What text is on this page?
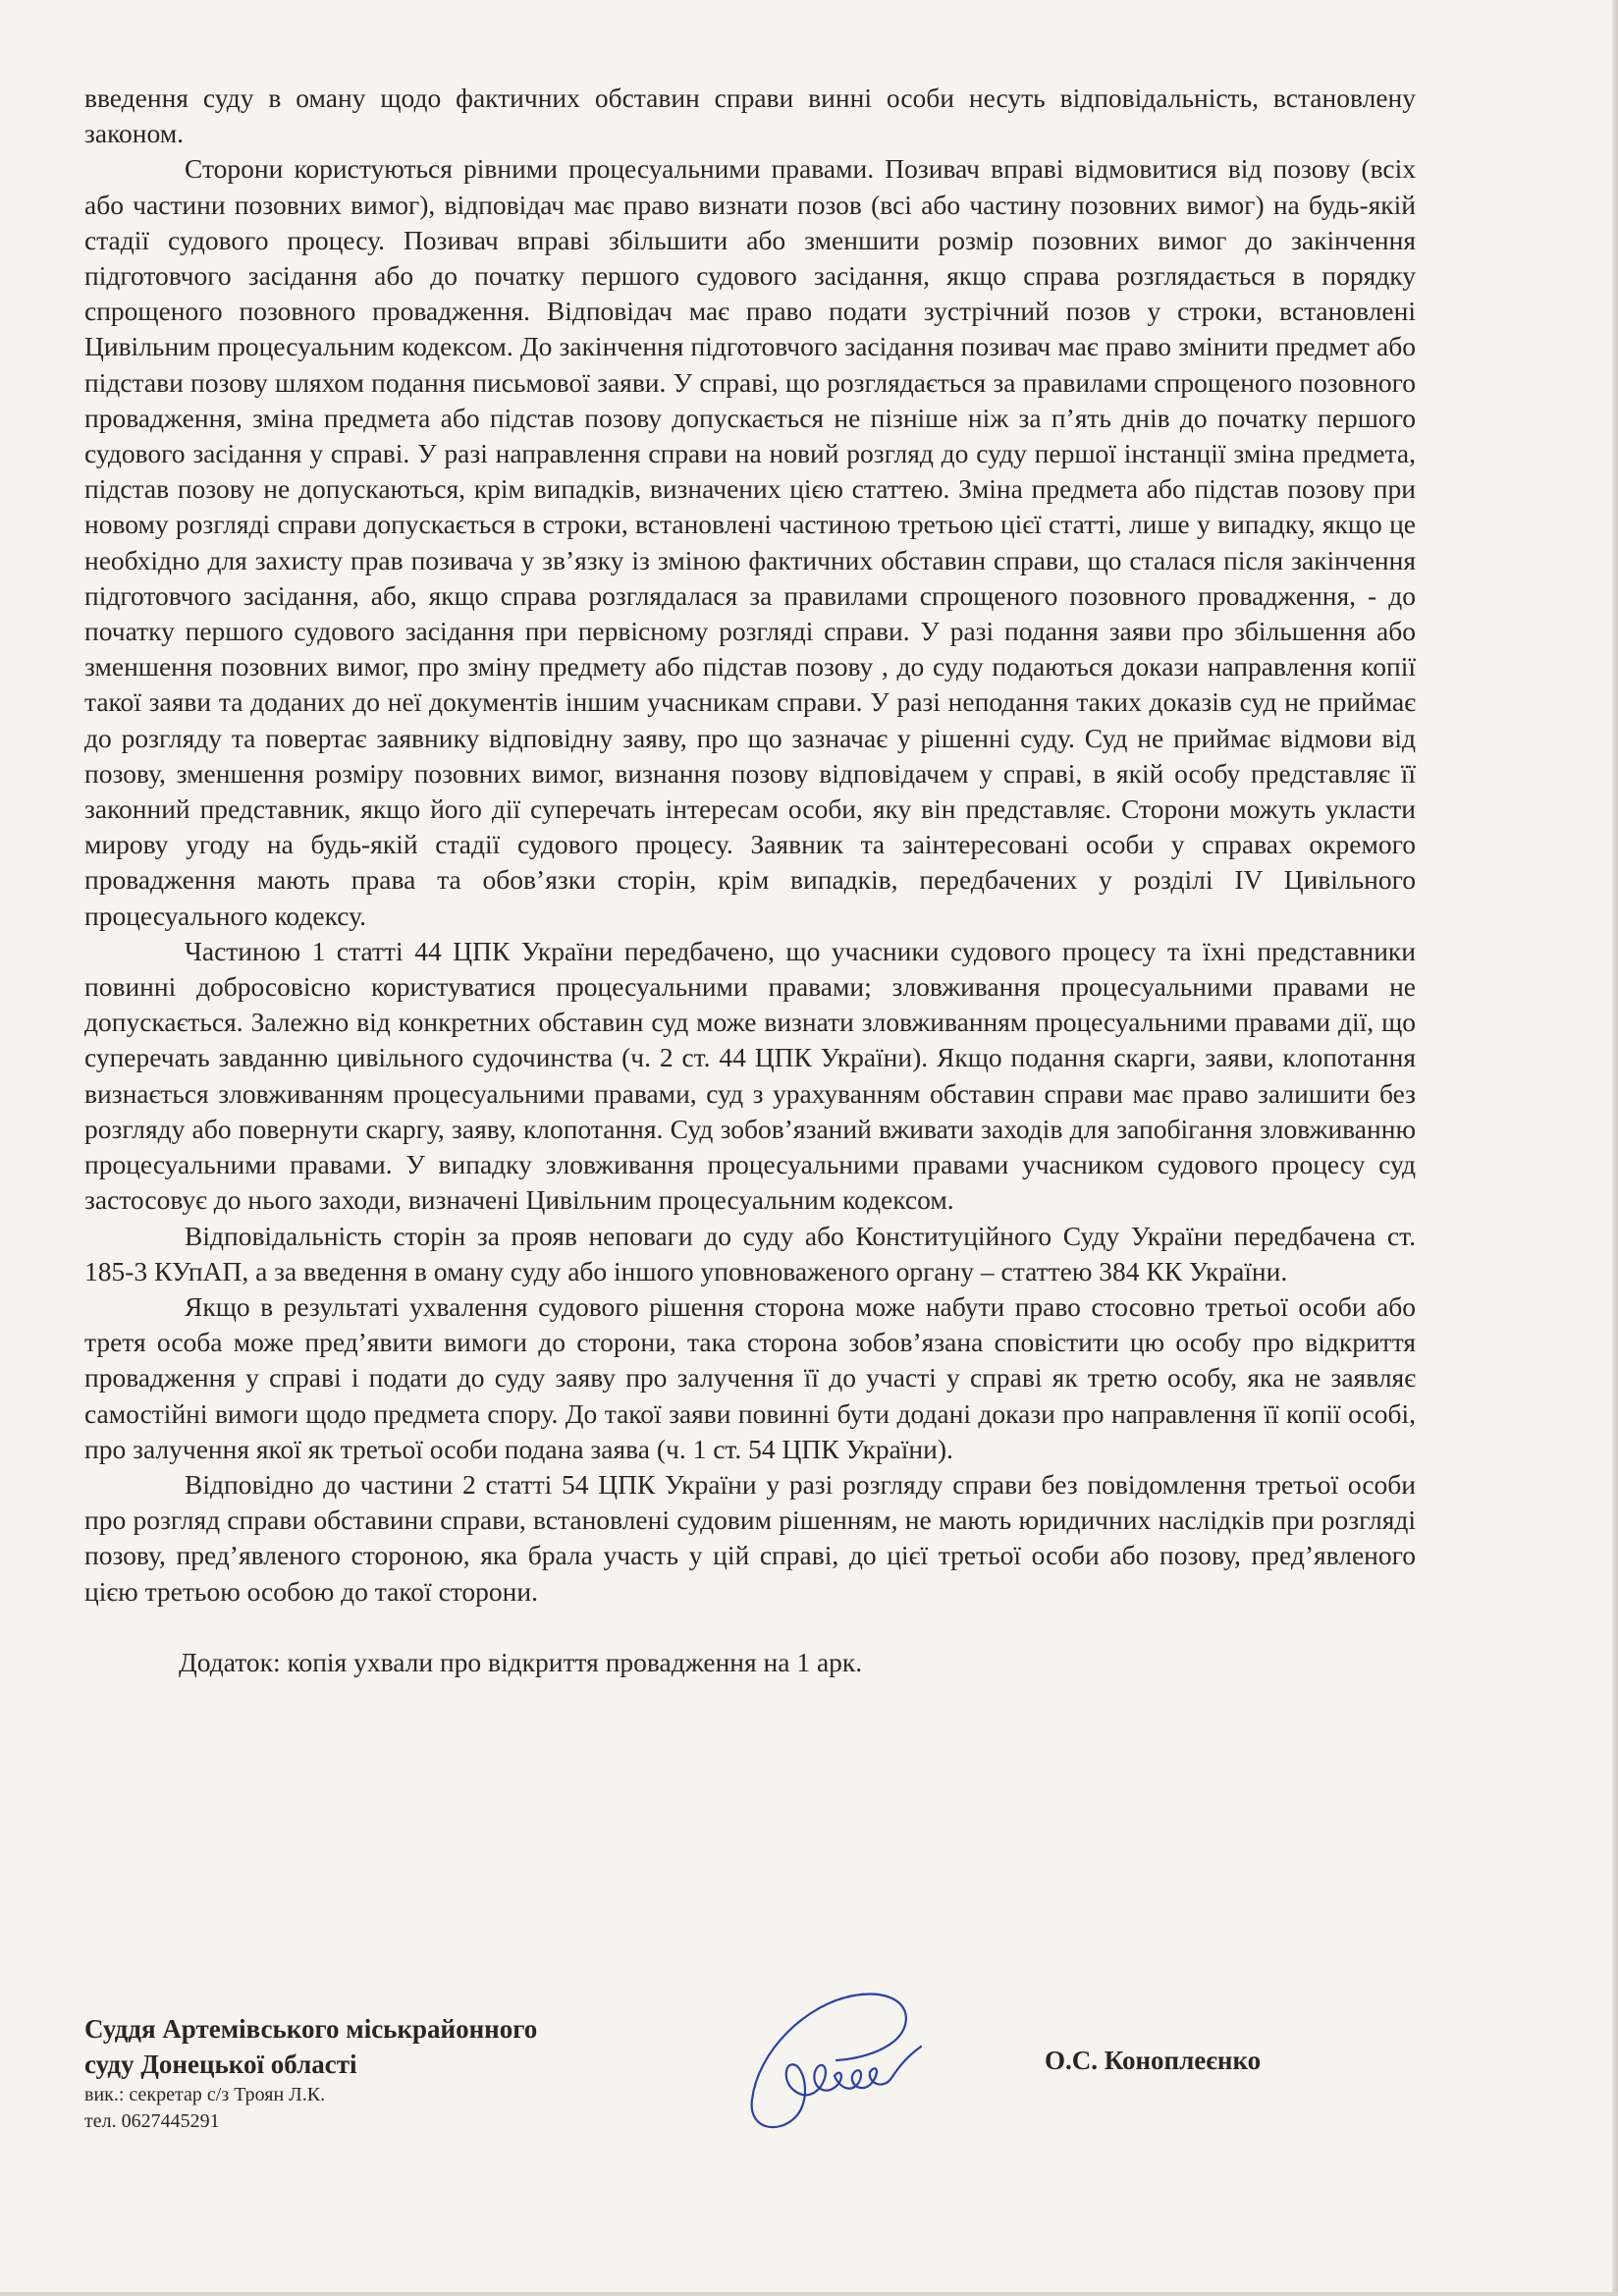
введення суду в оману щодо фактичних обставин справи винні особи несуть відповідальність, встановлену законом.

Сторони користуються рівними процесуальними правами. Позивач вправі відмовитися від позову (всіх або частини позовних вимог), відповідач має право визнати позов (всі або частину позовних вимог) на будь-якій стадії судового процесу. Позивач вправі збільшити або зменшити розмір позовних вимог до закінчення підготовчого засідання або до початку першого судового засідання, якщо справа розглядається в порядку спрощеного позовного провадження. Відповідач має право подати зустрічний позов у строки, встановлені Цивільним процесуальним кодексом. До закінчення підготовчого засідання позивач має право змінити предмет або підстави позову шляхом подання письмової заяви. У справі, що розглядається за правилами спрощеного позовного провадження, зміна предмета або підстав позову допускається не пізніше ніж за п’ять днів до початку першого судового засідання у справі. У разі направлення справи на новий розгляд до суду першої інстанції зміна предмета, підстав позову не допускаються, крім випадків, визначених цією статтею. Зміна предмета або підстав позову при новому розгляді справи допускається в строки, встановлені частиною третьою цієї статті, лише у випадку, якщо це необхідно для захисту прав позивача у зв’язку із зміною фактичних обставин справи, що сталася після закінчення підготовчого засідання, або, якщо справа розглядалася за правилами спрощеного позовного провадження, - до початку першого судового засідання при первісному розгляді справи. У разі подання заяви про збільшення або зменшення позовних вимог, про зміну предмету або підстав позову , до суду подаються докази направлення копії такої заяви та доданих до неї документів іншим учасникам справи. У разі неподання таких доказів суд не приймає до розгляду та повертає заявнику відповідну заяву, про що зазначає у рішенні суду. Суд не приймає відмови від позову, зменшення розміру позовних вимог, визнання позову відповідачем у справі, в якій особу представляє її законний представник, якщо його дії суперечать інтересам особи, яку він представляє. Сторони можуть укласти мирову угоду на будь-якій стадії судового процесу. Заявник та заінтересовані особи у справах окремого провадження мають права та обов’язки сторін, крім випадків, передбачених у розділі IV Цивільного процесуального кодексу.

Частиною 1 статті 44 ЦПК України передбачено, що учасники судового процесу та їхні представники повинні добросовісно користуватися процесуальними правами; зловживання процесуальними правами не допускається. Залежно від конкретних обставин суд може визнати зловживанням процесуальними правами дії, що суперечать завданню цивільного судочинства (ч. 2 ст. 44 ЦПК України). Якщо подання скарги, заяви, клопотання визнається зловживанням процесуальними правами, суд з урахуванням обставин справи має право залишити без розгляду або повернути скаргу, заяву, клопотання. Суд зобов’язаний вживати заходів для запобігання зловживанню процесуальними правами. У випадку зловживання процесуальними правами учасником судового процесу суд застосовує до нього заходи, визначені Цивільним процесуальним кодексом.

Відповідальність сторін за прояв неповаги до суду або Конституційного Суду України передбачена ст. 185-3 КУпАП, а за введення в оману суду або іншого уповноваженого органу – статтею 384 КК України.

Якщо в результаті ухвалення судового рішення сторона може набути право стосовно третьої особи або третя особа може пред’явити вимоги до сторони, така сторона зобов’язана сповістити цю особу про відкриття провадження у справі і подати до суду заяву про залучення її до участі у справі як третю особу, яка не заявляє самостійні вимоги щодо предмета спору. До такої заяви повинні бути додані докази про направлення її копії особі, про залучення якої як третьої особи подана заява (ч. 1 ст. 54 ЦПК України).

Відповідно до частини 2 статті 54 ЦПК України у разі розгляду справи без повідомлення третьої особи про розгляд справи обставини справи, встановлені судовим рішенням, не мають юридичних наслідків при розгляді позову, пред’явленого стороною, яка брала участь у цій справі, до цієї третьої особи або позову, пред’явленого цією третьою особою до такої сторони.

Додаток: копія ухвали про відкриття провадження на 1 арк.

Суддя Артемівського міськрайонного
суду Донецької області
вик.: секретар с/з Троян Л.К.
тел. 0627445291
О.С. Коноплеєнко
